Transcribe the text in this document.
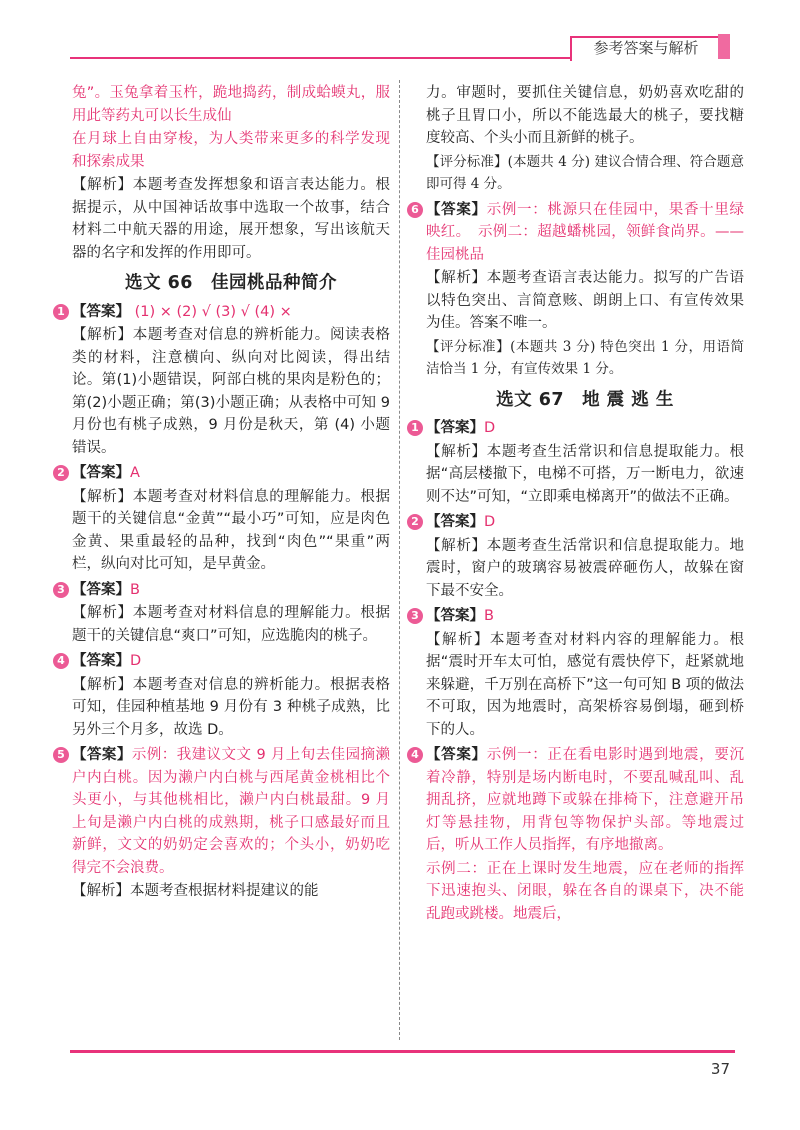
参考答案与解析

兔”。玉兔拿着玉杵，跪地捣药，制成蛤蟆丸，服用此等药丸可以长生成仙

在月球上自由穿梭，为人类带来更多的科学发现和探索成果

【解析】本题考查发挥想象和语言表达能力。根据提示，从中国神话故事中选取一个故事，结合材料二中航天器的用途，展开想象，写出该航天器的名字和发挥的作用即可。

选文 66　佳园桃品种简介
1 【答案】 (1) × (2) √ (3) √ (4) ×

【解析】本题考查对信息的辨析能力。阅读表格类的材料，注意横向、纵向对比阅读，得出结论。第(1)小题错误，阿部白桃的果肉是粉色的；第(2)小题正确；第(3)小题正确；从表格中可知 9 月份也有桃子成熟，9 月份是秋天，第 (4) 小题错误。

2 【答案】A

【解析】本题考查对材料信息的理解能力。根据题干的关键信息“金黄”“最小巧”可知，应是肉色金黄、果重最轻的品种，找到“肉色”“果重”两栏，纵向对比可知，是早黄金。

3 【答案】B

【解析】本题考查对材料信息的理解能力。根据题干的关键信息“爽口”可知，应选脆肉的桃子。

4 【答案】D

【解析】本题考查对信息的辨析能力。根据表格可知，佳园种植基地 9 月份有 3 种桃子成熟，比另外三个月多，故选 D。

5 【答案】示例：我建议文文 9 月上旬去佳园摘濑户内白桃。因为濑户内白桃与西尾黄金桃相比个头更小，与其他桃相比，濑户内白桃最甜。9 月上旬是濑户内白桃的成熟期，桃子口感最好而且新鲜，文文的奶奶定会喜欢的；个头小，奶奶吃得完不会浪费。

【解析】本题考查根据材料提建议的能

力。审题时，要抓住关键信息，奶奶喜欢吃甜的桃子且胃口小，所以不能选最大的桃子，要找糖度较高、个头小而且新鲜的桃子。

【评分标准】(本题共 4 分) 建议合情合理、符合题意即可得 4 分。

6 【答案】示例一：桃源只在佳园中，果香十里绿映红。　示例二：超越蟠桃园，领鲜食尚界。——佳园桃品

【解析】本题考查语言表达能力。拟写的广告语以特色突出、言简意赅、朗朗上口、有宣传效果为佳。答案不唯一。

【评分标准】(本题共 3 分) 特色突出 1 分，用语简洁恰当 1 分，有宣传效果 1 分。

选文 67　地 震 逃 生
1 【答案】D

【解析】本题考查生活常识和信息提取能力。根据“高层楼撤下，电梯不可搭，万一断电力，欲速则不达”可知，“立即乘电梯离开”的做法不正确。

2 【答案】D

【解析】本题考查生活常识和信息提取能力。地震时，窗户的玻璃容易被震碎砸伤人，故躲在窗下最不安全。

3 【答案】B

【解析】本题考查对材料内容的理解能力。根据“震时开车太可怕，感觉有震快停下，赶紧就地来躲避，千万别在高桥下”这一句可知 B 项的做法不可取，因为地震时，高架桥容易倒塌，砸到桥下的人。

4 【答案】示例一：正在看电影时遇到地震，要沉着冷静，特别是场内断电时，不要乱喊乱叫、乱拥乱挤，应就地蹲下或躲在排椅下，注意避开吊灯等悬挂物，用背包等物保护头部。等地震过后，听从工作人员指挥，有序地撤离。

示例二：正在上课时发生地震，应在老师的指挥下迅速抱头、闭眼，躲在各自的课桌下，决不能乱跑或跳楼。地震后，

37
